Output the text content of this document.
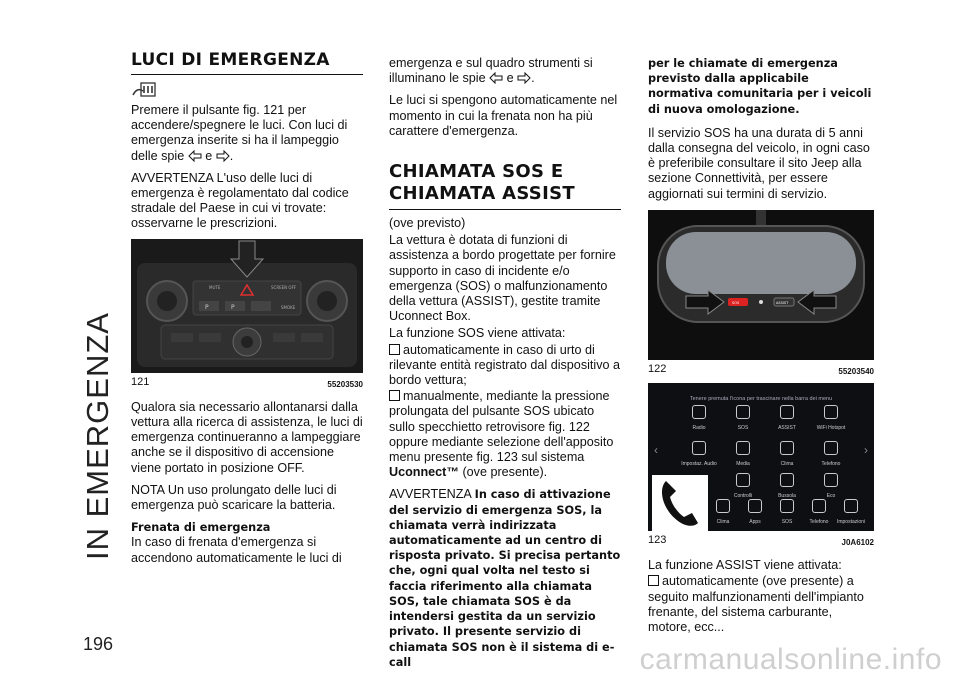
IN EMERGENZA
LUCI DI EMERGENZA

Premere il pulsante fig. 121 per accendere/spegnere le luci. Con luci di emergenza inserite si ha il lampeggio delle spie e .

AVVERTENZA L'uso delle luci di emergenza è regolamentato dal codice stradale del Paese in cui vi trovate: osservarne le prescrizioni.

MUTE	SCREEN OFF
P	P	SMOKE
121	55203530

Qualora sia necessario allontanarsi dalla vettura alla ricerca di assistenza, le luci di emergenza continueranno a lampeggiare anche se il dispositivo di accensione viene portato in posizione OFF.

NOTA Un uso prolungato delle luci di emergenza può scaricare la batteria.

Frenata di emergenza

In caso di frenata d'emergenza si accendono automaticamente le luci di

emergenza e sul quadro strumenti si illuminano le spie e .

Le luci si spengono automaticamente nel momento in cui la frenata non ha più carattere d'emergenza.

CHIAMATA SOS E CHIAMATA ASSIST

(ove previsto)

La vettura è dotata di funzioni di assistenza a bordo progettate per fornire supporto in caso di incidente e/o emergenza (SOS) o malfunzionamento della vettura (ASSIST), gestite tramite Uconnect Box.

La funzione SOS viene attivata:

automaticamente in caso di urto di rilevante entità registrato dal dispositivo a bordo vettura;

manualmente, mediante la pressione prolungata del pulsante SOS ubicato sullo specchietto retrovisore fig. 122 oppure mediante selezione dell'apposito menu presente fig. 123 sul sistema Uconnect™ (ove presente).

AVVERTENZA In caso di attivazione del servizio di emergenza SOS, la chiamata verrà indirizzata automaticamente ad un centro di risposta privato. Si precisa pertanto che, ogni qual volta nel testo si faccia riferimento alla chiamata SOS, tale chiamata SOS è da intendersi gestita da un servizio privato. Il presente servizio di chiamata SOS non è il sistema di e-call

per le chiamate di emergenza previsto dalla applicabile normativa comunitaria per i veicoli di nuova omologazione.

Il servizio SOS ha una durata di 5 anni dalla consegna del veicolo, in ogni caso è preferibile consultare il sito Jeep alla sezione Connettività, per essere aggiornati sui termini di servizio.

SOS	ASSIST
122	55203540
Tenere premuta l'icona per trascinare nella barra dei menu
‹	›
Radio	SOS	ASSIST	WiFi Hotspot
Impostaz. Audio	Media	Clima	Telefono
Controlli	Bussola	Eco
Clima	Apps	SOS	Telefono	Impostazioni
123	J0A6102

La funzione ASSIST viene attivata:

automaticamente (ove presente) a seguito malfunzionamenti dell'impianto frenante, del sistema carburante, motore, ecc...

196	carmanualsonline.info
